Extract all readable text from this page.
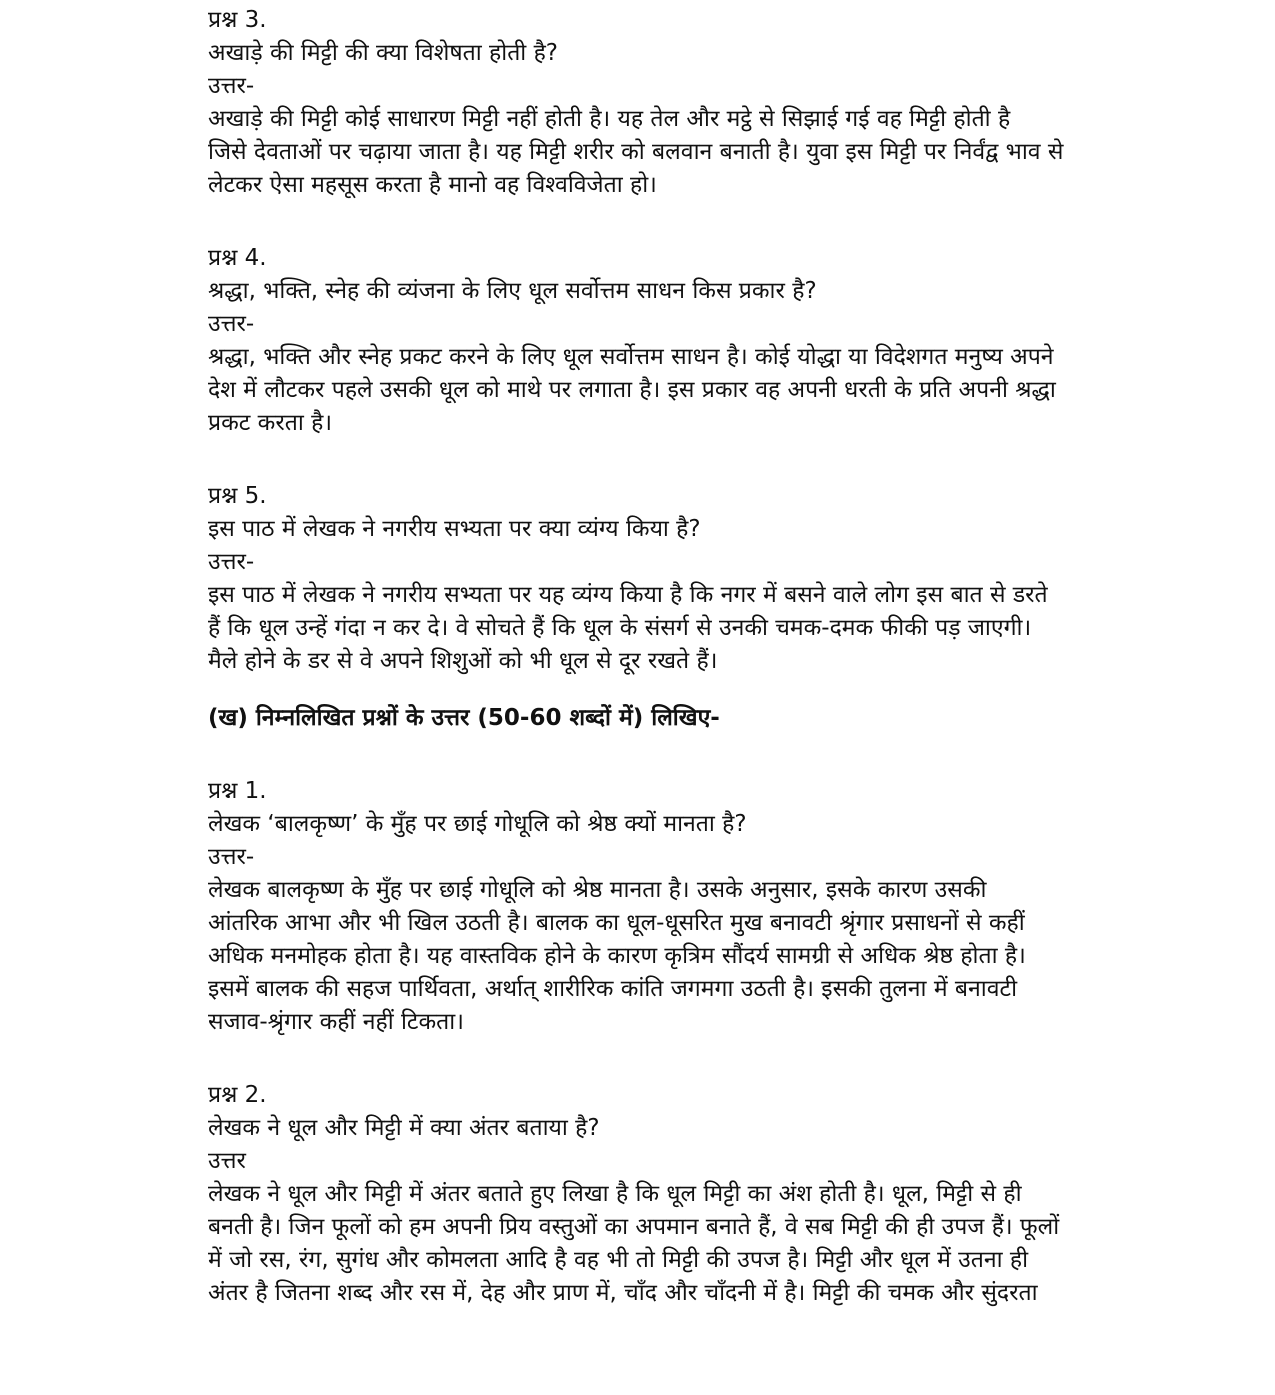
प्रश्न 3.
अखाड़े की मिट्टी की क्या विशेषता होती है?
उत्तर-
अखाड़े की मिट्टी कोई साधारण मिट्टी नहीं होती है। यह तेल और मट्ठे से सिझाई गई वह मिट्टी होती है
जिसे देवताओं पर चढ़ाया जाता है। यह मिट्टी शरीर को बलवान बनाती है। युवा इस मिट्टी पर निर्वंद्व भाव से
लेटकर ऐसा महसूस करता है मानो वह विश्वविजेता हो।
प्रश्न 4.
श्रद्धा, भक्ति, स्नेह की व्यंजना के लिए धूल सर्वोत्तम साधन किस प्रकार है?
उत्तर-
श्रद्धा, भक्ति और स्नेह प्रकट करने के लिए धूल सर्वोत्तम साधन है। कोई योद्धा या विदेशगत मनुष्य अपने
देश में लौटकर पहले उसकी धूल को माथे पर लगाता है। इस प्रकार वह अपनी धरती के प्रति अपनी श्रद्धा
प्रकट करता है।
प्रश्न 5.
इस पाठ में लेखक ने नगरीय सभ्यता पर क्या व्यंग्य किया है?
उत्तर-
इस पाठ में लेखक ने नगरीय सभ्यता पर यह व्यंग्य किया है कि नगर में बसने वाले लोग इस बात से डरते
हैं कि धूल उन्हें गंदा न कर दे। वे सोचते हैं कि धूल के संसर्ग से उनकी चमक-दमक फीकी पड़ जाएगी।
मैले होने के डर से वे अपने शिशुओं को भी धूल से दूर रखते हैं।
(ख) निम्नलिखित प्रश्नों के उत्तर (50-60 शब्दों में) लिखिए-
प्रश्न 1.
लेखक ‘बालकृष्ण’ के मुँह पर छाई गोधूलि को श्रेष्ठ क्यों मानता है?
उत्तर-
लेखक बालकृष्ण के मुँह पर छाई गोधूलि को श्रेष्ठ मानता है। उसके अनुसार, इसके कारण उसकी
आंतरिक आभा और भी खिल उठती है। बालक का धूल-धूसरित मुख बनावटी श्रृंगार प्रसाधनों से कहीं
अधिक मनमोहक होता है। यह वास्तविक होने के कारण कृत्रिम सौंदर्य सामग्री से अधिक श्रेष्ठ होता है।
इसमें बालक की सहज पार्थिवता, अर्थात् शारीरिक कांति जगमगा उठती है। इसकी तुलना में बनावटी
सजाव-श्रृंगार कहीं नहीं टिकता।
प्रश्न 2.
लेखक ने धूल और मिट्टी में क्या अंतर बताया है?
उत्तर
लेखक ने धूल और मिट्टी में अंतर बताते हुए लिखा है कि धूल मिट्टी का अंश होती है। धूल, मिट्टी से ही
बनती है। जिन फूलों को हम अपनी प्रिय वस्तुओं का अपमान बनाते हैं, वे सब मिट्टी की ही उपज हैं। फूलों
में जो रस, रंग, सुगंध और कोमलता आदि है वह भी तो मिट्टी की उपज है। मिट्टी और धूल में उतना ही
अंतर है जितना शब्द और रस में, देह और प्राण में, चाँद और चाँदनी में है। मिट्टी की चमक और सुंदरता
